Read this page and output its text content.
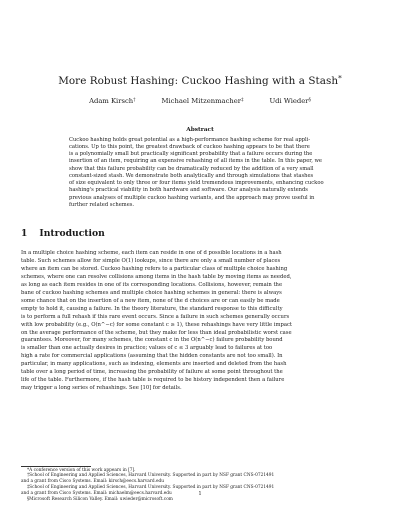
More Robust Hashing: Cuckoo Hashing with a Stash*
Adam Kirsch†	Michael Mitzenmacher‡	Udi Wieder§
Abstract
Cuckoo hashing holds great potential as a high-performance hashing scheme for real appli-
cations. Up to this point, the greatest drawback of cuckoo hashing appears to be that there
is a polynomially small but practically significant probability that a failure occurs during the
insertion of an item, requiring an expensive rehashing of all items in the table. In this paper, we
show that this failure probability can be dramatically reduced by the addition of a very small
constant-sized stash. We demonstrate both analytically and through simulations that stashes
of size equivalent to only three or four items yield tremendous improvements, enhancing cuckoo
hashing's practical viability in both hardware and software. Our analysis naturally extends
previous analyses of multiple cuckoo hashing variants, and the approach may prove useful in
further related schemes.
1 Introduction
In a multiple choice hashing scheme, each item can reside in one of d possible locations in a hash
table. Such schemes allow for simple O(1) lookups, since there are only a small number of places
where an item can be stored. Cuckoo hashing refers to a particular class of multiple choice hashing
schemes, where one can resolve collisions among items in the hash table by moving items as needed,
as long as each item resides in one of its corresponding locations. Collisions, however, remain the
bane of cuckoo hashing schemes and multiple choice hashing schemes in general: there is always
some chance that on the insertion of a new item, none of the d choices are or can easily be made
empty to hold it, causing a failure. In the theory literature, the standard response to this difficulty
is to perform a full rehash if this rare event occurs. Since a failure in such schemes generally occurs
with low probability (e.g., O(n^−c) for some constant c ≥ 1), these rehashings have very little impact
on the average performance of the scheme, but they make for less than ideal probabilistic worst case
guarantees. Moreover, for many schemes, the constant c in the O(n^−c) failure probability bound
is smaller than one actually desires in practice; values of c ≤ 3 arguably lead to failures at too
high a rate for commercial applications (assuming that the hidden constants are not too small). In
particular, in many applications, such as indexing, elements are inserted and deleted from the hash
table over a long period of time, increasing the probability of failure at some point throughout the
life of the table. Furthermore, if the hash table is required to be history independent then a failure
may trigger a long series of rehashings. See [10] for details.
*A conference version of this work appears in [7].
†School of Engineering and Applied Sciences, Harvard University. Supported in part by NSF grant CNS-0721491
and a grant from Cisco Systems. Email: kirsch@eecs.harvard.edu
‡School of Engineering and Applied Sciences, Harvard University. Supported in part by NSF grant CNS-0721491
and a grant from Cisco Systems. Email: michaelm@eecs.harvard.edu
§Microsoft Research Silicon Valley. Email: uwieder@microsoft.com
1
